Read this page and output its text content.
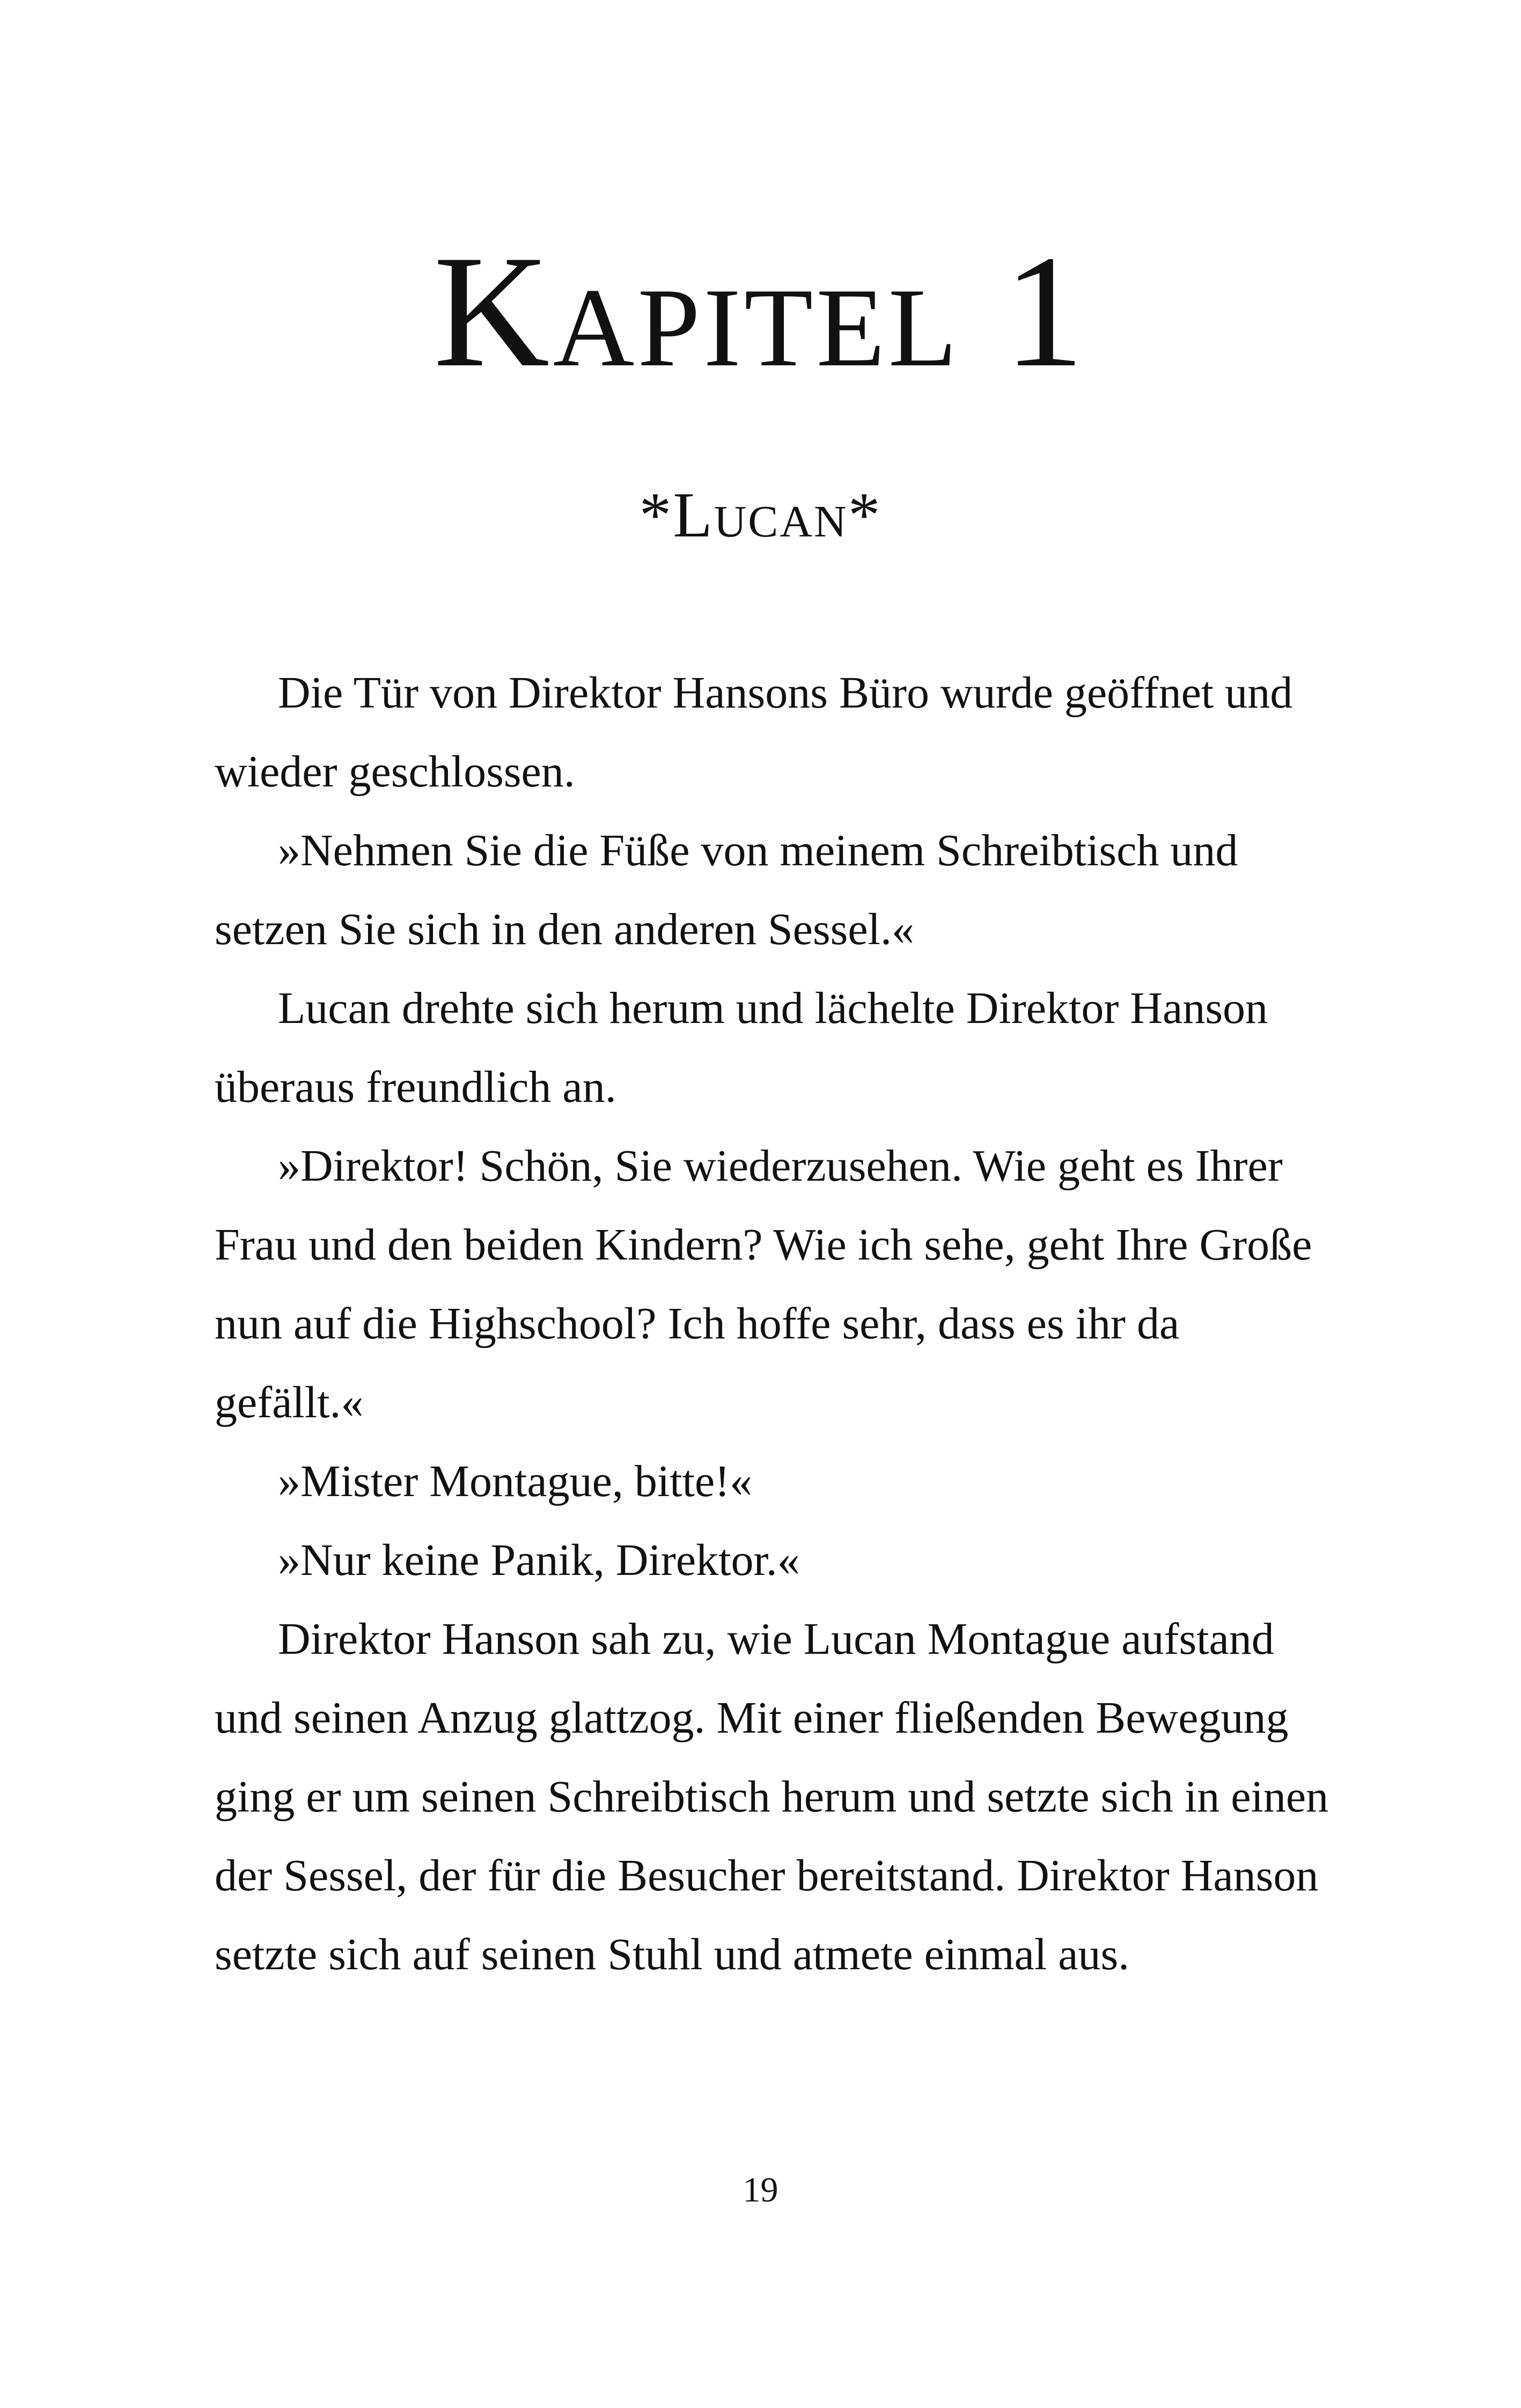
Kapitel 1
*Lucan*

Die Tür von Direktor Hansons Büro wurde geöffnet und wieder geschlossen.

»Nehmen Sie die Füße von meinem Schreibtisch und setzen Sie sich in den anderen Sessel.«

Lucan drehte sich herum und lächelte Direktor Hanson überaus freundlich an.

»Direktor! Schön, Sie wiederzusehen. Wie geht es Ihrer Frau und den beiden Kindern? Wie ich sehe, geht Ihre Große nun auf die Highschool? Ich hoffe sehr, dass es ihr da gefällt.«

»Mister Montague, bitte!«

»Nur keine Panik, Direktor.«

Direktor Hanson sah zu, wie Lucan Montague aufstand und seinen Anzug glattzog. Mit einer fließenden Bewegung ging er um seinen Schreibtisch herum und setzte sich in einen der Sessel, der für die Besucher bereitstand. Direktor Hanson setzte sich auf seinen Stuhl und atmete einmal aus.

19
